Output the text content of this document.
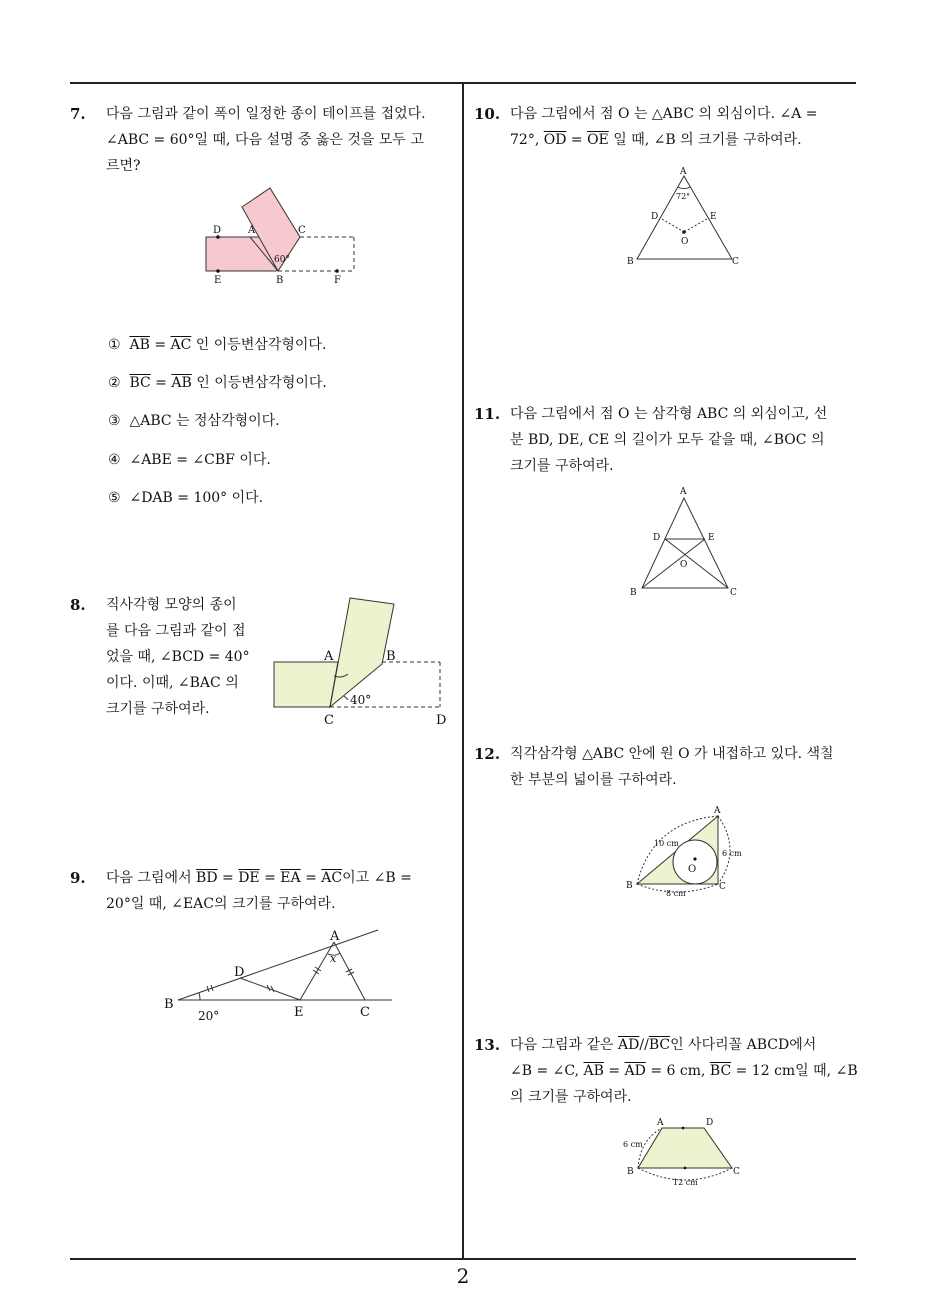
7. 다음 그림과 같이 폭이 일정한 종이 테이프를 접었다.
∠ABC = 60°일 때, 다음 설명 중 옳은 것을 모두 고
르면?
D	A	C
E	B	F
60°
① $\overline{AB} = \overline{AC}$ 인 이등변삼각형이다.
② $\overline{BC} = \overline{AB}$ 인 이등변삼각형이다.
③ △ABC 는 정삼각형이다.
④ ∠ABE = ∠CBF 이다.
⑤ ∠DAB = 100° 이다.
8. 직사각형 모양의 종이
를 다음 그림과 같이 접
었을 때, ∠BCD = 40°
이다. 이때, ∠BAC 의
크기를 구하여라.
A	B
C	D
40°
9. 다음 그림에서 $\overline{BD} = \overline{DE} = \overline{EA} = \overline{AC}$이고 ∠B =
20°일 때, ∠EAC의 크기를 구하여라.
A
B
D
E	C
x
20°
10. 다음 그림에서 점 O 는 △ABC 의 외심이다. ∠A =
72°, $\overline{OD} = \overline{OE}$ 일 때, ∠B 의 크기를 구하여라.
A
B	C
D	E
O
72°
11. 다음 그림에서 점 O 는 삼각형 ABC 의 외심이고, 선
분 BD, DE, CE 의 길이가 모두 같을 때, ∠BOC 의
크기를 구하여라.
A
B	C
D	E
O
12. 직각삼각형 △ABC 안에 원 O 가 내접하고 있다. 색칠
한 부분의 넓이를 구하여라.
A
B	C
O
10 cm
6 cm
8 cm
13. 다음 그림과 같은 $\overline{AD}//\overline{BC}$인 사다리꼴 ABCD에서
∠B = ∠C, $\overline{AB} = \overline{AD} = 6$ cm, $\overline{BC} = 12$ cm일 때, ∠B
의 크기를 구하여라.
A	D
B	C
6 cm
12 cm
2
